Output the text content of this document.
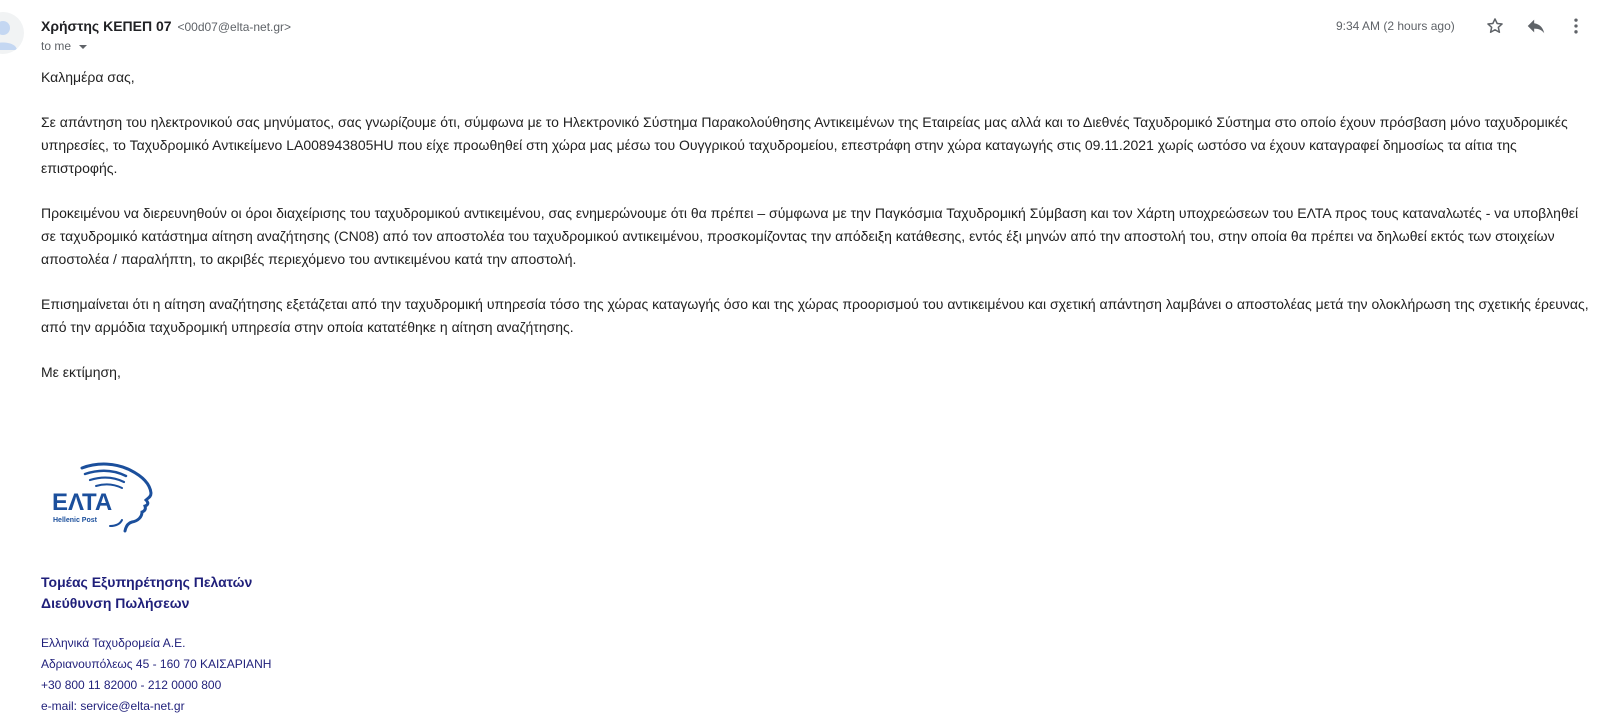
Χρήστης ΚΕΠΕΠ 07 <00d07@elta-net.gr>
to me
9:34 AM (2 hours ago)

Καλημέρα σας,

Σε απάντηση του ηλεκτρονικού σας μηνύματος, σας γνωρίζουμε ότι, σύμφωνα με το Ηλεκτρονικό Σύστημα Παρακολούθησης Αντικειμένων της Εταιρείας μας αλλά και το Διεθνές Ταχυδρομικό Σύστημα στο οποίο έχουν πρόσβαση μόνο ταχυδρομικές υπηρεσίες, το Ταχυδρομικό Αντικείμενο LA008943805HU που είχε προωθηθεί στη χώρα μας μέσω του Ουγγρικού ταχυδρομείου, επεστράφη στην χώρα καταγωγής στις 09.11.2021 χωρίς ωστόσο να έχουν καταγραφεί δημοσίως τα αίτια της επιστροφής.

Προκειμένου να διερευνηθούν οι όροι διαχείρισης του ταχυδρομικού αντικειμένου, σας ενημερώνουμε ότι θα πρέπει – σύμφωνα με την Παγκόσμια Ταχυδρομική Σύμβαση και τον Χάρτη υποχρεώσεων του ΕΛΤΑ προς τους καταναλωτές - να υποβληθεί σε ταχυδρομικό κατάστημα αίτηση αναζήτησης (CN08) από τον αποστολέα του ταχυδρομικού αντικειμένου, προσκομίζοντας την απόδειξη κατάθεσης, εντός έξι μηνών από την αποστολή του, στην οποία θα πρέπει να δηλωθεί εκτός των στοιχείων αποστολέα / παραλήπτη, το ακριβές περιεχόμενο του αντικειμένου κατά την αποστολή.

Επισημαίνεται ότι η αίτηση αναζήτησης εξετάζεται από την ταχυδρομική υπηρεσία τόσο της χώρας καταγωγής όσο και της χώρας προορισμού του αντικειμένου και σχετική απάντηση λαμβάνει ο αποστολέας μετά την ολοκλήρωση της σχετικής έρευνας, από την αρμόδια ταχυδρομική υπηρεσία στην οποία κατατέθηκε η αίτηση αναζήτησης.

Με εκτίμηση,

ΕΛΤΑ
Hellenic Post
Τομέας Εξυπηρέτησης Πελατών
Διεύθυνση Πωλήσεων
Ελληνικά Ταχυδρομεία Α.Ε.
Αδριανουπόλεως 45 - 160 70 ΚΑΙΣΑΡΙΑΝΗ
+30 800 11 82000 - 212 0000 800
e-mail: service@elta-net.gr
